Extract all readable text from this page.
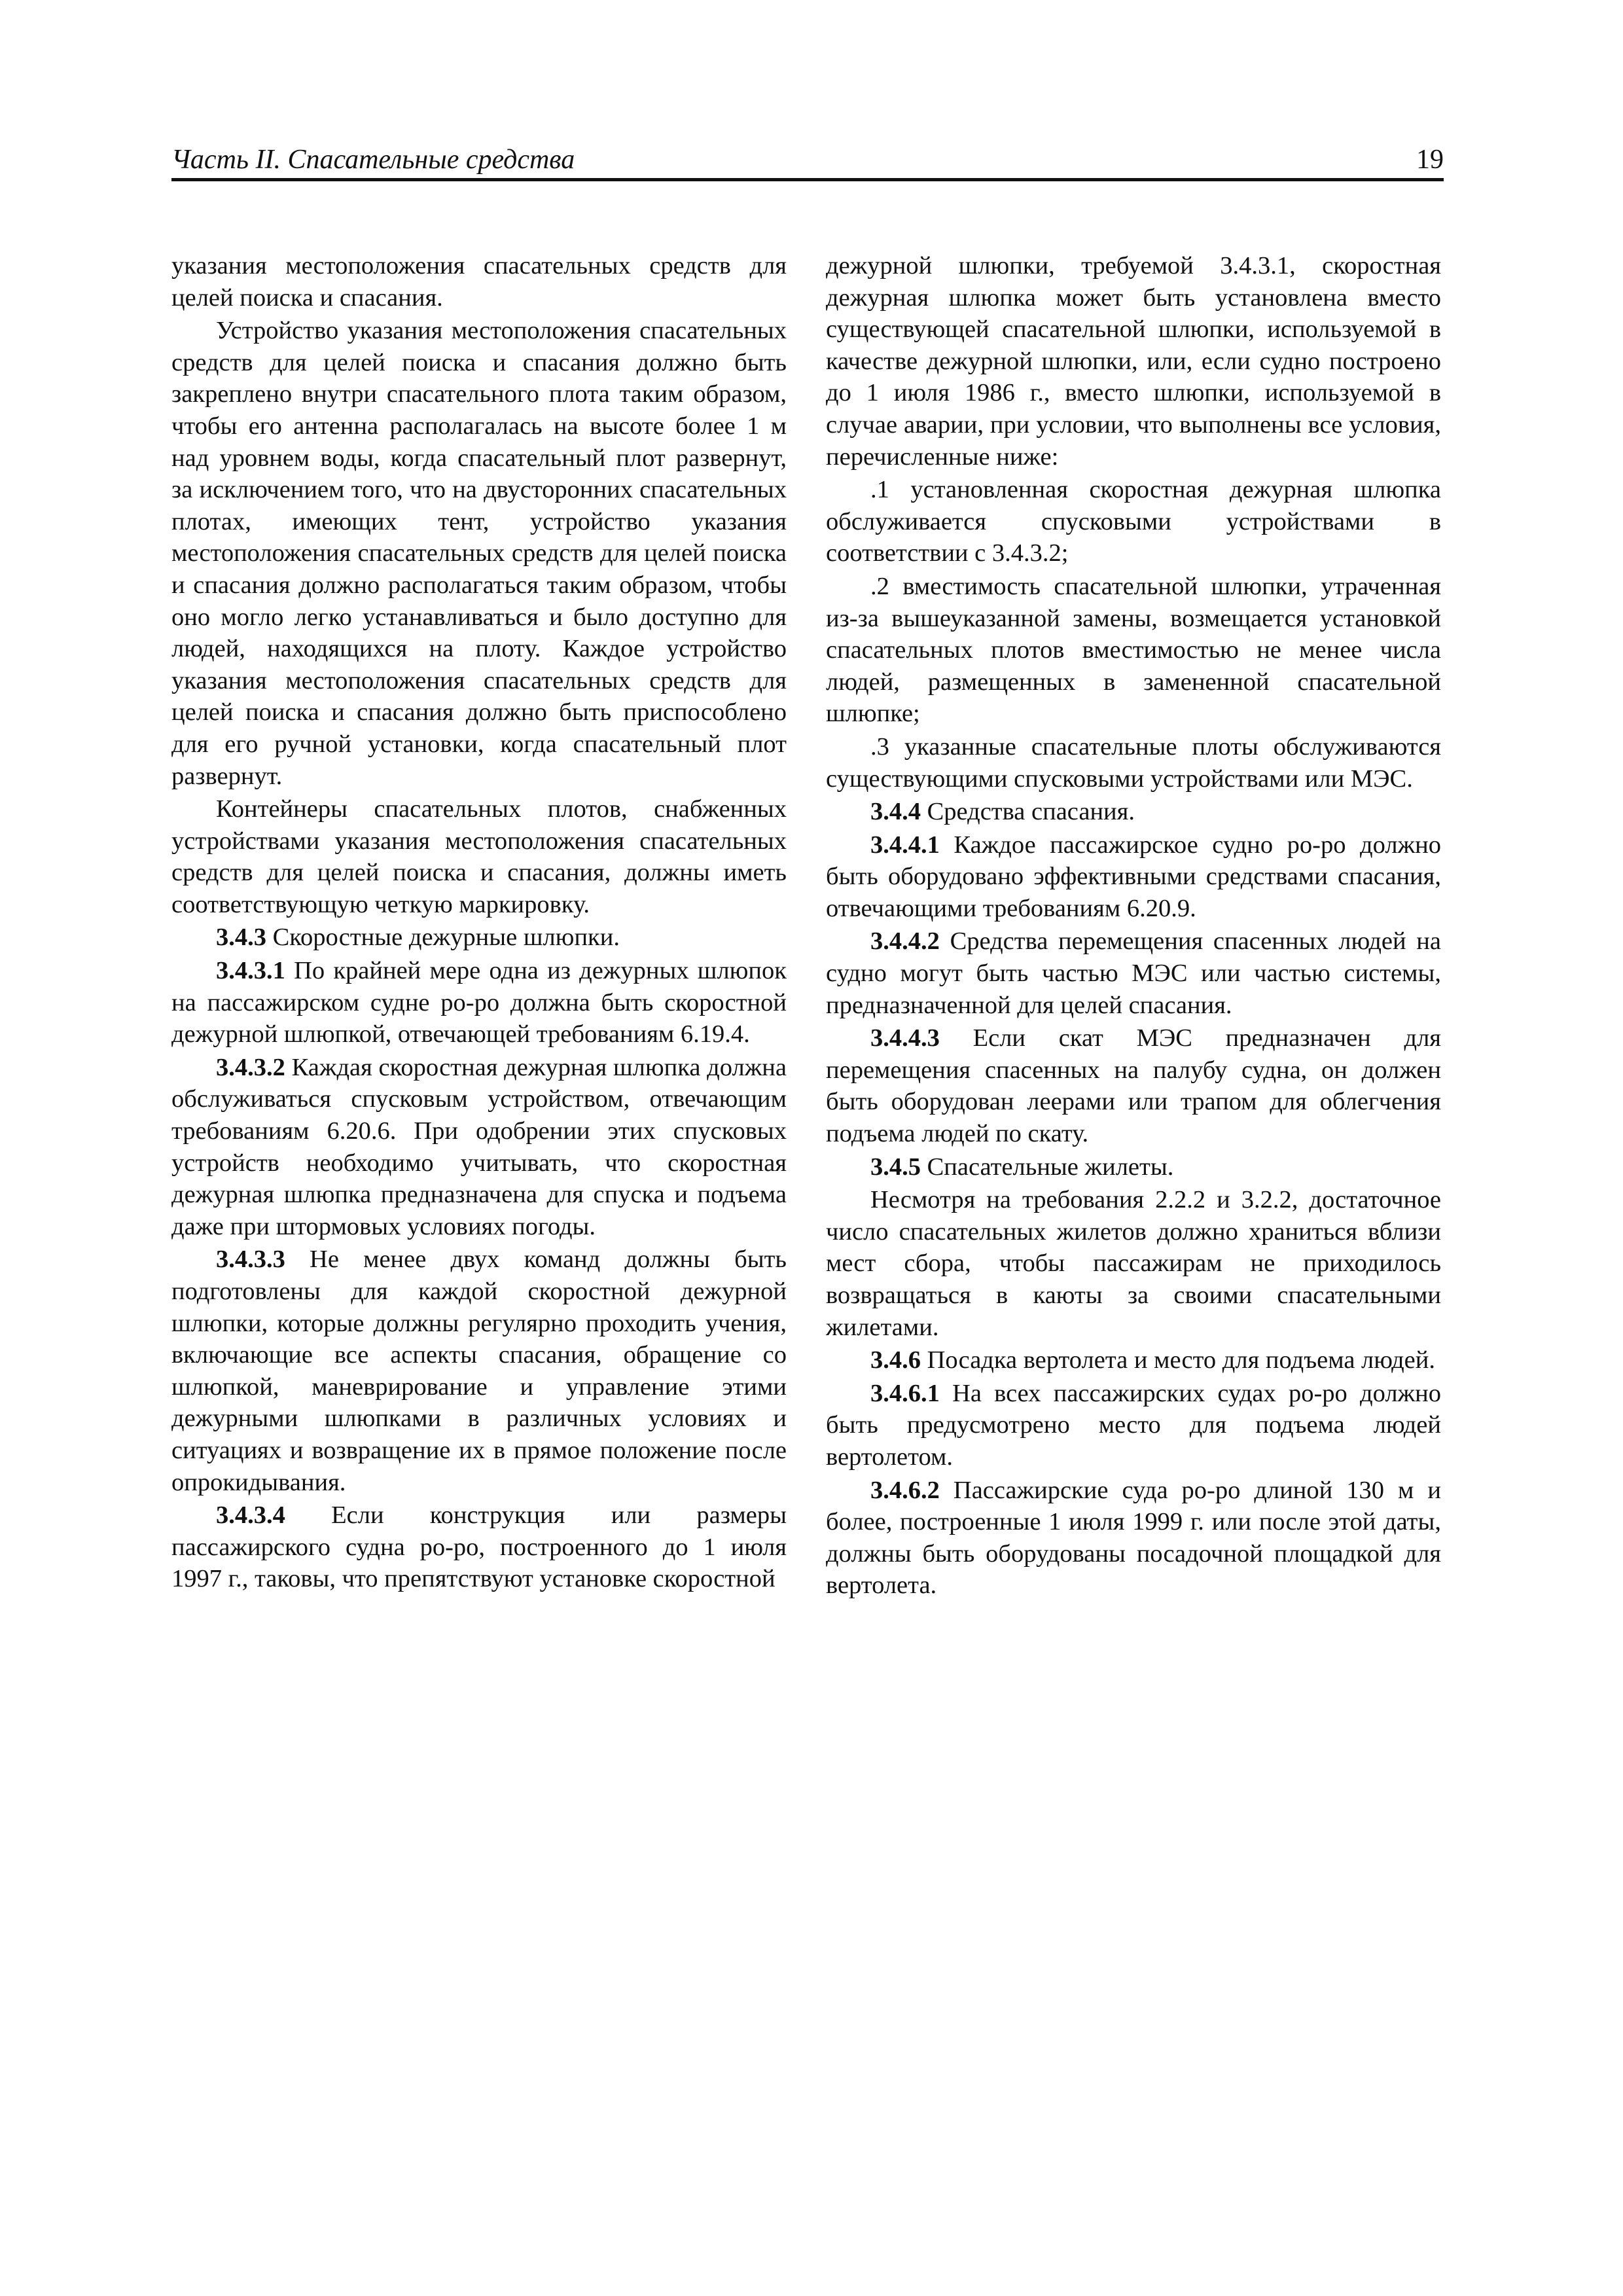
Часть II. Спасательные средства	19

указания местоположения спасательных средств для целей поиска и спасания.

Устройство указания местоположения спасательных средств для целей поиска и спасания должно быть закреплено внутри спасательного плота таким образом, чтобы его антенна располагалась на высоте более 1 м над уровнем воды, когда спасательный плот развернут, за исключением того, что на двусторонних спасательных плотах, имеющих тент, устройство указания местоположения спасательных средств для целей поиска и спасания должно располагаться таким образом, чтобы оно могло легко устанавливаться и было доступно для людей, находящихся на плоту. Каждое устройство указания местоположения спасательных средств для целей поиска и спасания должно быть приспособлено для его ручной установки, когда спасательный плот развернут.

Контейнеры спасательных плотов, снабженных устройствами указания местоположения спасательных средств для целей поиска и спасания, должны иметь соответствующую четкую маркировку.

3.4.3 Скоростные дежурные шлюпки.

3.4.3.1 По крайней мере одна из дежурных шлюпок на пассажирском судне ро-ро должна быть скоростной дежурной шлюпкой, отвечающей требованиям 6.19.4.

3.4.3.2 Каждая скоростная дежурная шлюпка должна обслуживаться спусковым устройством, отвечающим требованиям 6.20.6. При одобрении этих спусковых устройств необходимо учитывать, что скоростная дежурная шлюпка предназначена для спуска и подъема даже при штормовых условиях погоды.

3.4.3.3 Не менее двух команд должны быть подготовлены для каждой скоростной дежурной шлюпки, которые должны регулярно проходить учения, включающие все аспекты спасания, обращение со шлюпкой, маневрирование и управление этими дежурными шлюпками в различных условиях и ситуациях и возвращение их в прямое положение после опрокидывания.

3.4.3.4 Если конструкция или размеры пассажирского судна ро-ро, построенного до 1 июля 1997 г., таковы, что препятствуют установке скоростной

дежурной шлюпки, требуемой 3.4.3.1, скоростная дежурная шлюпка может быть установлена вместо существующей спасательной шлюпки, используемой в качестве дежурной шлюпки, или, если судно построено до 1 июля 1986 г., вместо шлюпки, используемой в случае аварии, при условии, что выполнены все условия, перечисленные ниже:

.1 установленная скоростная дежурная шлюпка обслуживается спусковыми устройствами в соответствии с 3.4.3.2;

.2 вместимость спасательной шлюпки, утраченная из-за вышеуказанной замены, возмещается установкой спасательных плотов вместимостью не менее числа людей, размещенных в замененной спасательной шлюпке;

.3 указанные спасательные плоты обслуживаются существующими спусковыми устройствами или МЭС.

3.4.4 Средства спасания.

3.4.4.1 Каждое пассажирское судно ро-ро должно быть оборудовано эффективными средствами спасания, отвечающими требованиям 6.20.9.

3.4.4.2 Средства перемещения спасенных людей на судно могут быть частью МЭС или частью системы, предназначенной для целей спасания.

3.4.4.3 Если скат МЭС предназначен для перемещения спасенных на палубу судна, он должен быть оборудован леерами или трапом для облегчения подъема людей по скату.

3.4.5 Спасательные жилеты.

Несмотря на требования 2.2.2 и 3.2.2, достаточное число спасательных жилетов должно храниться вблизи мест сбора, чтобы пассажирам не приходилось возвращаться в каюты за своими спасательными жилетами.

3.4.6 Посадка вертолета и место для подъема людей.

3.4.6.1 На всех пассажирских судах ро-ро должно быть предусмотрено место для подъема людей вертолетом.

3.4.6.2 Пассажирские суда ро-ро длиной 130 м и более, построенные 1 июля 1999 г. или после этой даты, должны быть оборудованы посадочной площадкой для вертолета.
